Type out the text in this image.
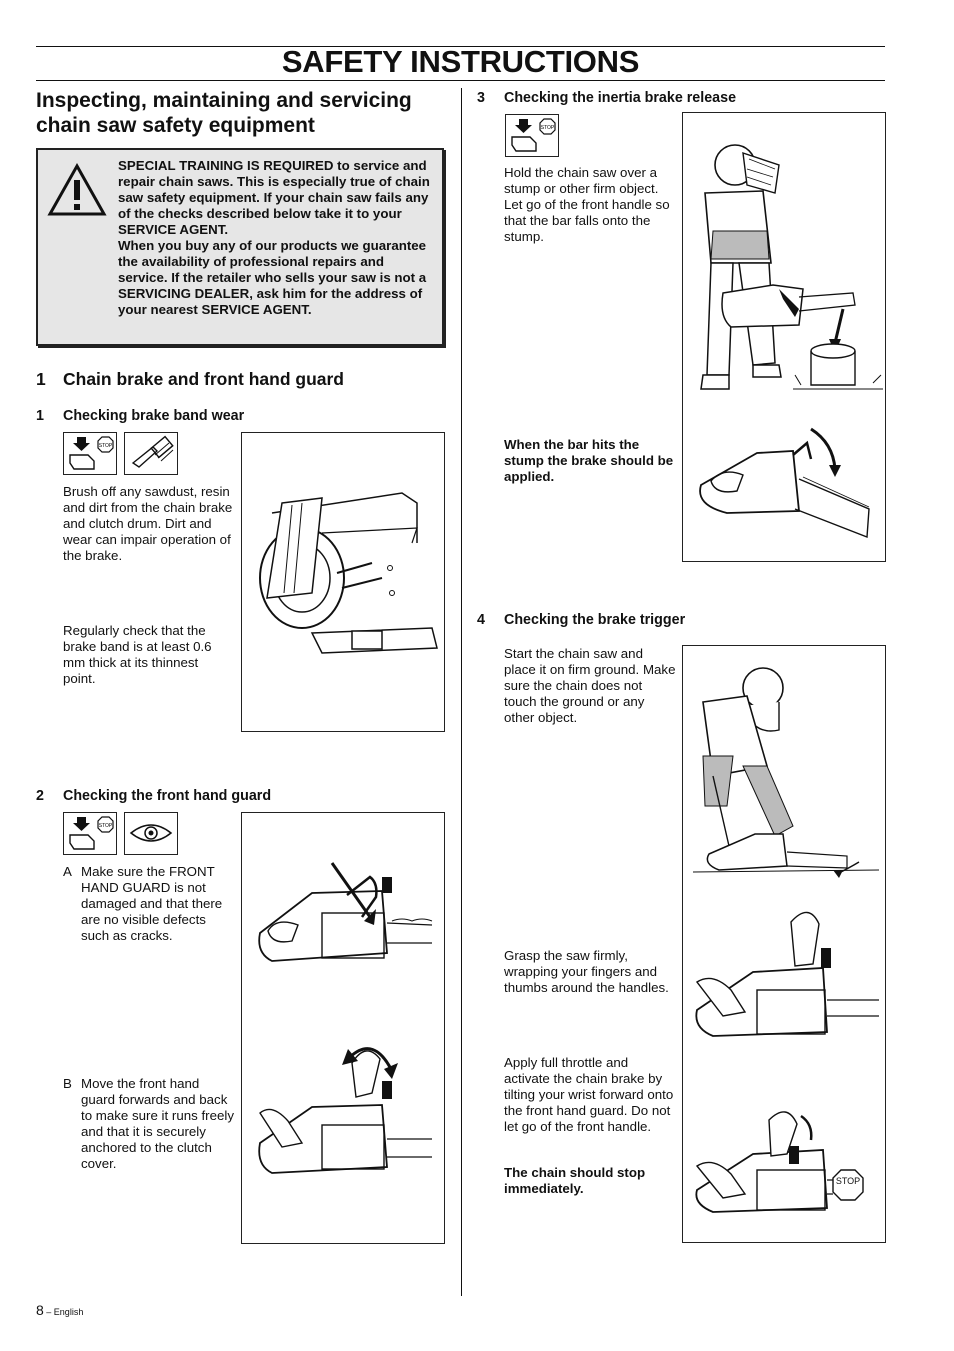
SAFETY INSTRUCTIONS
Inspecting, maintaining and servicing chain saw safety equipment
SPECIAL TRAINING IS REQUIRED to service and repair chain saws. This is especially true of chain saw safety equipment. If your chain saw fails any of the checks described below take it to your SERVICE AGENT.
When you buy any of our products we guarantee the availability of professional repairs and service. If the retailer who sells your saw is not a SERVICING DEALER, ask him for the address of your nearest SERVICE AGENT.
1 Chain brake and front hand guard
1 Checking brake band wear
STOP
Brush off any sawdust, resin and dirt from the chain brake and clutch drum. Dirt and wear can impair operation of the brake.
Regularly check that the brake band is at least 0.6 mm thick at its thinnest point.
2 Checking the front hand guard
STOP
A Make sure the FRONT HAND GUARD is not damaged and that there are no visible defects such as cracks.
B Move the front hand guard forwards and back to make sure it runs freely and that it is securely anchored to the clutch cover.
3 Checking the inertia brake release
STOP
Hold the chain saw over a stump or other firm object. Let go of the front handle so that the bar falls onto the stump.
When the bar hits the stump the brake should be applied.
4 Checking the brake trigger
Start the chain saw and place it on firm ground. Make sure the chain does not touch the ground or any other object.
Grasp the saw firmly, wrapping your fingers and thumbs around the handles.
Apply full throttle and activate the chain brake by tilting your wrist forward onto the front hand guard. Do not let go of the front handle.
The chain should stop immediately.	STOP
8 – English
